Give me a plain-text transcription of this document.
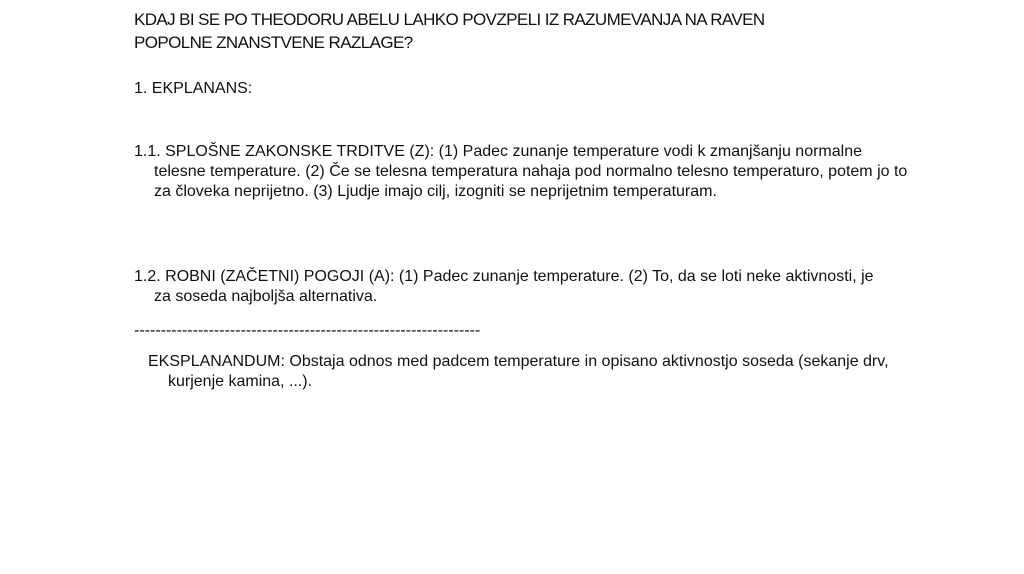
KDAJ BI SE PO THEODORU ABELU LAHKO POVZPELI IZ RAZUMEVANJA NA RAVEN
POPOLNE ZNANSTVENE RAZLAGE?

1. EKPLANANS:

1.1. SPLOŠNE ZAKONSKE TRDITVE (Z): (1) Padec zunanje temperature vodi k zmanjšanju normalne telesne temperature. (2) Če se telesna temperatura nahaja pod normalno telesno temperaturo, potem jo to za človeka neprijetno. (3) Ljudje imajo cilj, izogniti se neprijetnim temperaturam.

1.2. ROBNI (ZAČETNI) POGOJI (A): (1) Padec zunanje temperature. (2) To, da se loti neke aktivnosti, je za soseda najboljša alternativa.

-----------------------------------------------------------------

EKSPLANANDUM: Obstaja odnos med padcem temperature in opisano aktivnostjo soseda (sekanje drv, kurjenje kamina, ...).
